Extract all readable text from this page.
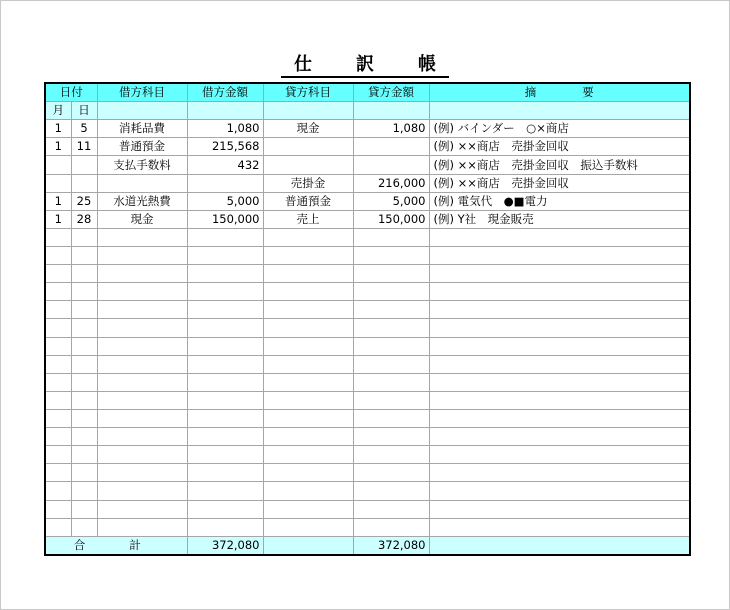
仕　訳　帳
日付		借方科目	借方金額	貸方科目	貸方金額	摘　　　　要
月	日					
1	5	消耗品費	1,080	現金	1,080	(例) バインダー　○×商店
1	11	普通預金	215,568			(例) ××商店　売掛金回収
		支払手数料	432			(例) ××商店　売掛金回収　振込手数料
				売掛金	216,000	(例) ××商店　売掛金回収
1	25	水道光熱費	5,000	普通預金	5,000	(例) 電気代　●■電力
1	28	現金	150,000	売上	150,000	(例) Y社　現金販売

合 計			372,080		372,080	
